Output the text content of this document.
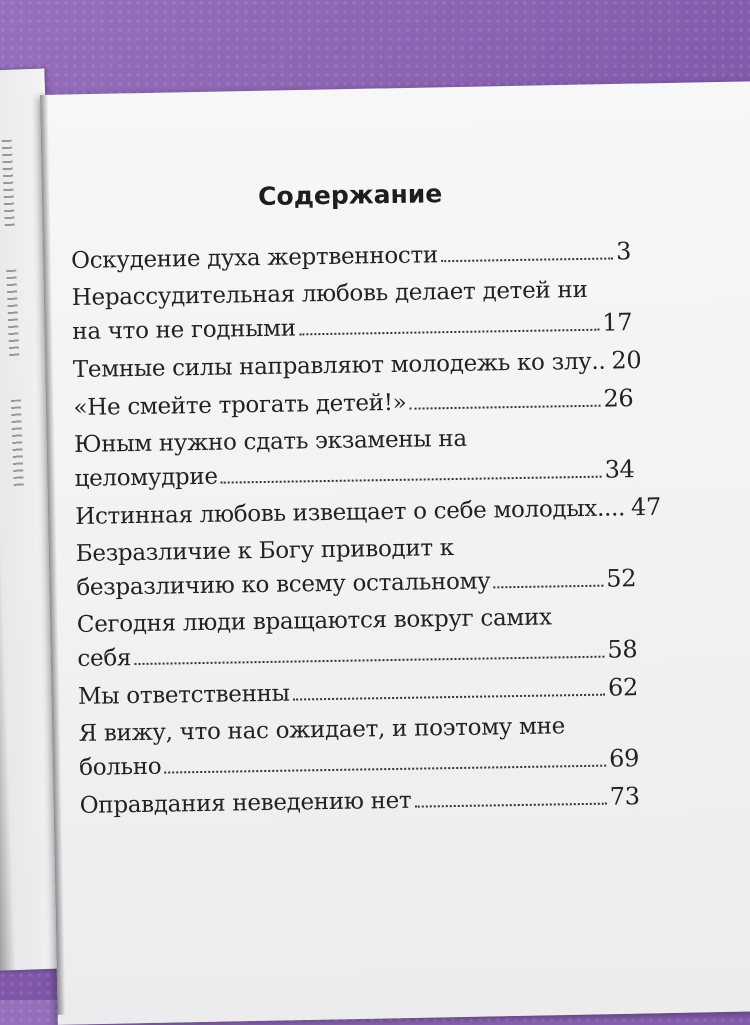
Содержание
Оскудение духа жертвенности	3
Нерассудительная любовь делает детей ни
на что не годными	17
Темные силы направляют молодежь ко злу.. 20
«Не смейте трогать детей!»	26
Юным нужно сдать экзамены на
целомудрие	34
Истинная любовь извещает о себе молодых.... 47
Безразличие к Богу приводит к
безразличию ко всему остальному	52
Сегодня люди вращаются вокруг самих
себя	58
Мы ответственны	62
Я вижу, что нас ожидает, и поэтому мне
больно	69
Оправдания неведению нет	73
